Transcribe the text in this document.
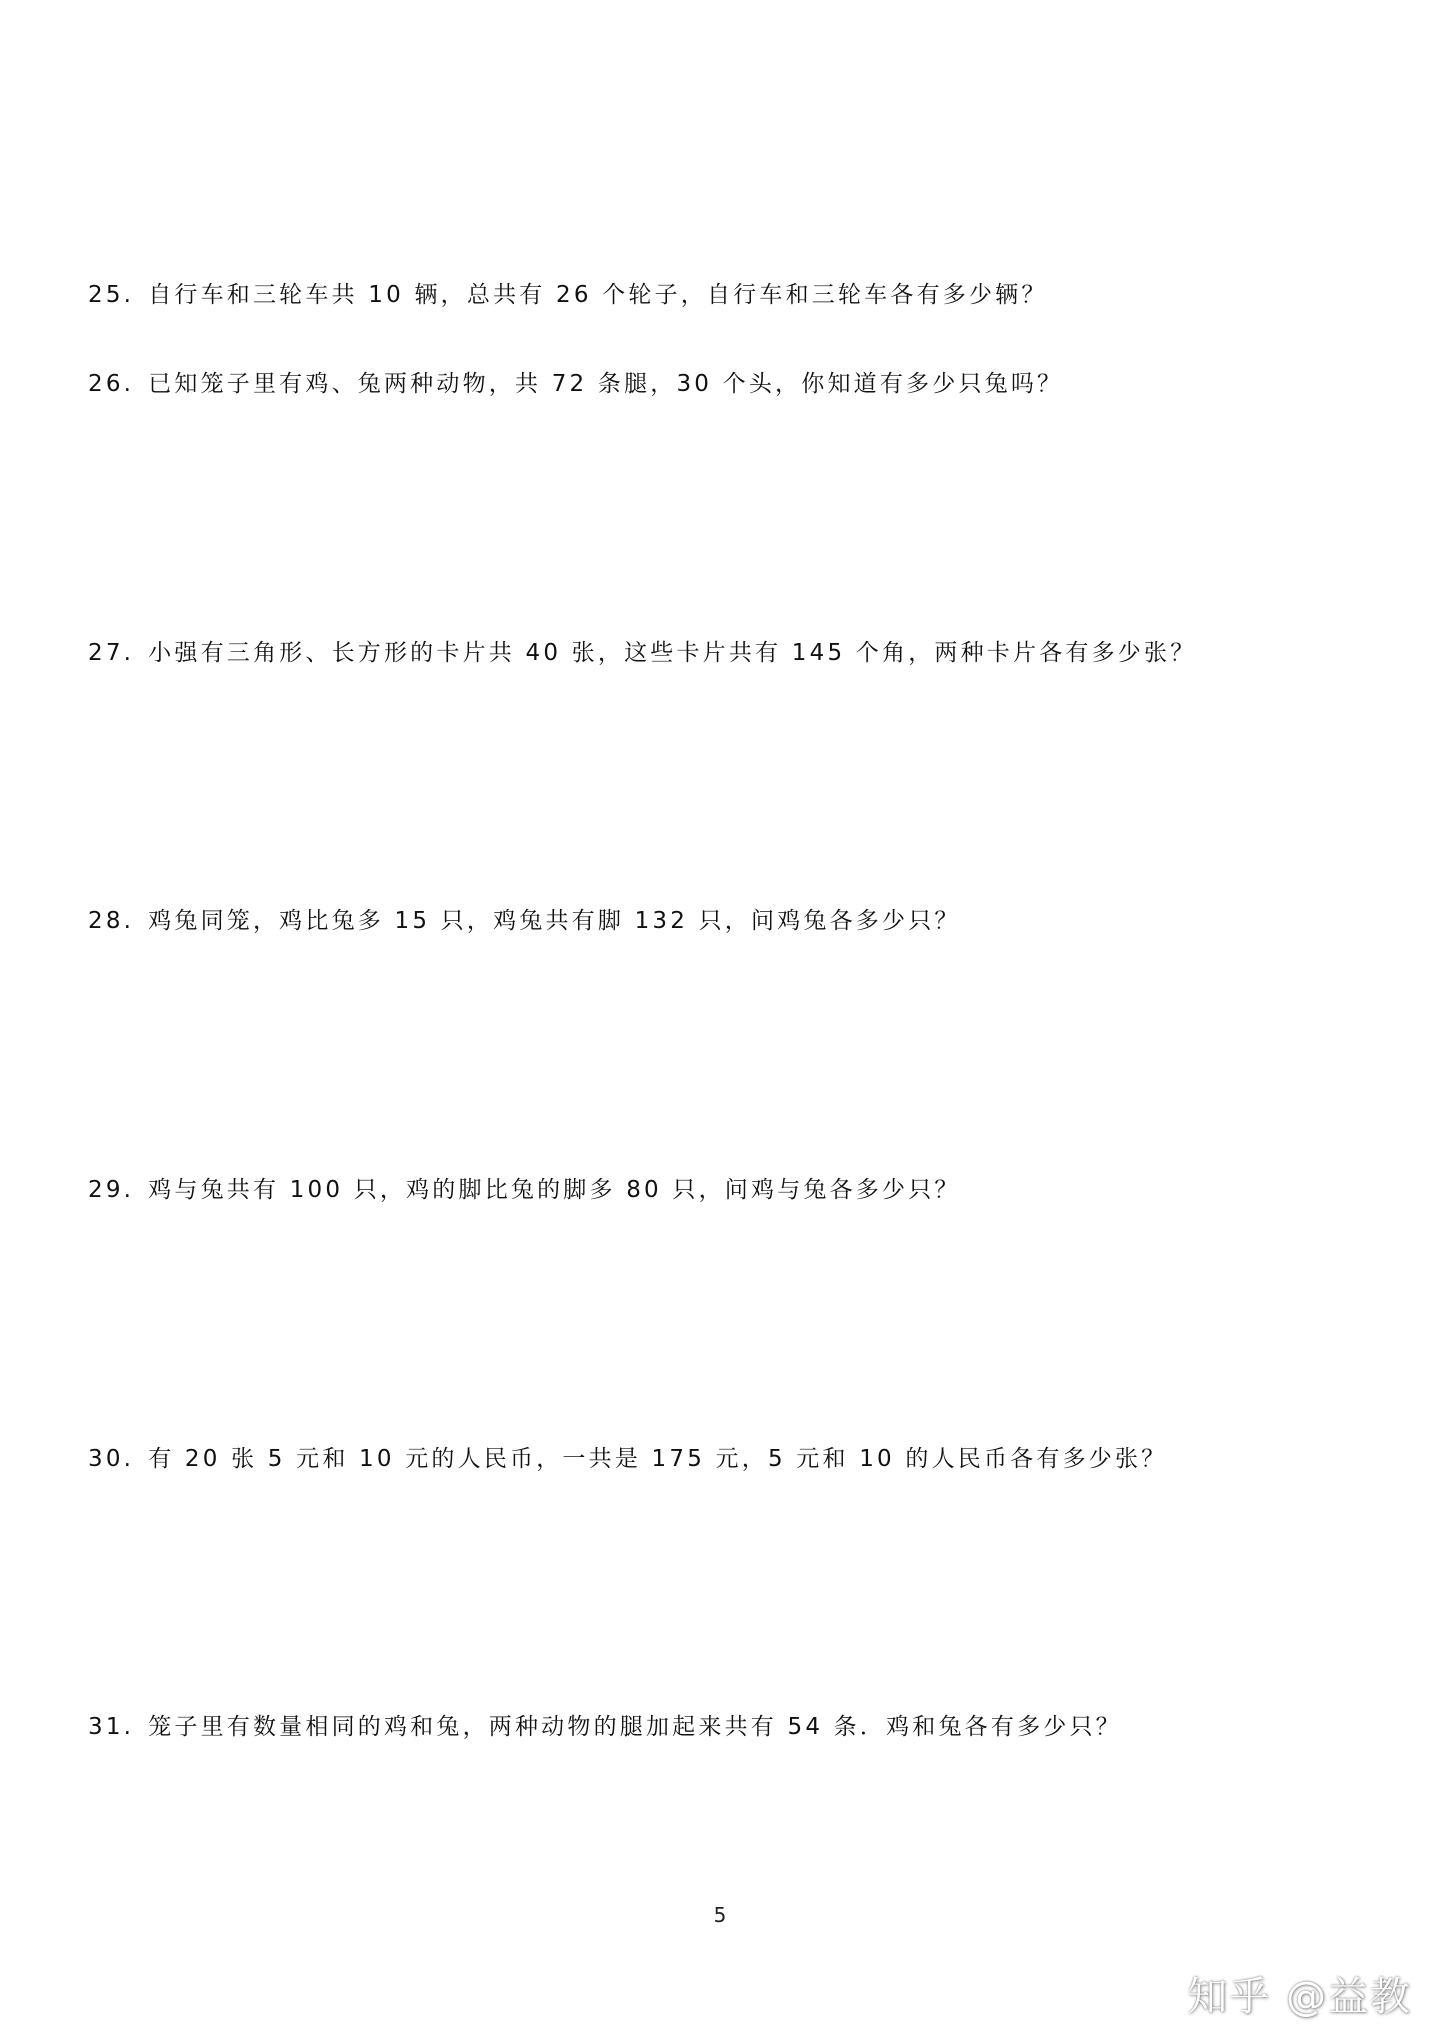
25. 自行车和三轮车共 10 辆，总共有 26 个轮子，自行车和三轮车各有多少辆？
26. 已知笼子里有鸡、兔两种动物，共 72 条腿，30 个头，你知道有多少只兔吗？
27. 小强有三角形、长方形的卡片共 40 张，这些卡片共有 145 个角，两种卡片各有多少张？
28. 鸡兔同笼，鸡比兔多 15 只，鸡兔共有脚 132 只，问鸡兔各多少只？
29. 鸡与兔共有 100 只，鸡的脚比兔的脚多 80 只，问鸡与兔各多少只？
30. 有 20 张 5 元和 10 元的人民币，一共是 175 元，5 元和 10 的人民币各有多少张？
31. 笼子里有数量相同的鸡和兔，两种动物的腿加起来共有 54 条．鸡和兔各有多少只？
5
知乎 @益教
